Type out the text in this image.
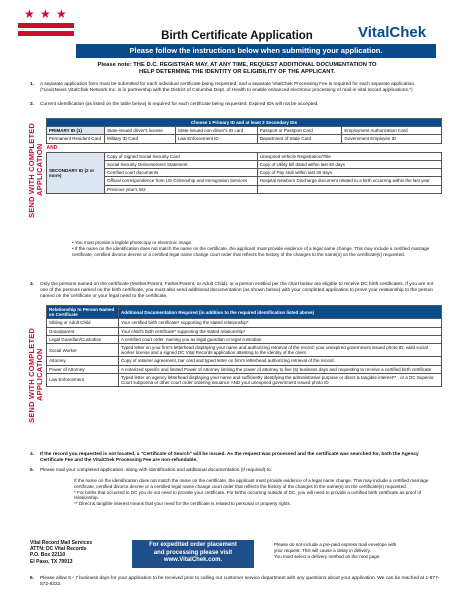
★ ★ ★
Birth Certificate Application	VitalChek
Please follow the instructions below when submitting your application.
Please note: THE D.C. REGISTRAR MAY, AT ANY TIME, REQUEST ADDITIONAL DOCUMENTATION TO
HELP DETERMINE THE IDENTITY OR ELIGIBILITY OF THE APPLICANT.
1. A separate application form must be submitted for each individual certificate being requested, and a separate VitalChek Processing Fee is required for each separate application. (*LexisNexis VitalChek Network Inc. is in partnership with the District of Columbia Dept. of Health to enable enhanced electronic processing of mail-in vital record applications.*)
2. Current identification (as listed on the table below) is required for each certificate being requested. Expired IDs will not be accepted.
SEND WITH COMPLETED APPLICATION
Choose 1 Primary ID and at least 2 Secondary IDs				
PRIMARY ID (1)	State-issued driver's license	State-issued non-driver's ID card	Passport or Passport Card	Employment Authorization Card
Permanent Resident Card	Military ID Card	Law Enforcement ID	Department of State Card	Government Employee ID
AND				
SECONDARY ID (2 or more)	Copy of Signed Social Security Card		Unexpired Vehicle Registration/Title	
	Social Security Disbursement Statement		Copy of Utility bill dated within last 60 days	
	Certified court documents		Copy of Pay stub within last 30 days	
	Official correspondence from US Citizenship and Immigration Services		Hospital Newborn Discharge document related to a birth occurring within the last year	
	Previous year's W2			
• You must provide a legible photocopy or electronic image.
• If the name on the identification does not match the name on the certificate, the applicant must provide evidence of a legal name change. This may include a certified marriage certificate, certified divorce decree or a certified legal name change court order that reflects the history of the changes to the name(s) on the certificate(s) requested.
3. Only the persons named on the certificate (Mother/Parent, Father/Parent, or Adult Child), or a person entitled per the chart below are eligible to receive DC birth certificates. If you are not one of the persons named on the birth certificate, you must also send additional documentation (as shown below) with your completed application to prove your relationship to the person named on the certificate or your legal need to the certificate.
SEND WITH COMPLETED APPLICATION
Relationship to Person Named on Certificate	Additional Documentation Required (in addition to the required identification listed above)
Sibling or Adult Child	Your certified birth certificate* supporting the stated relationship*
Grandparent	Your child's birth certificate* supporting the stated relationship*
Legal Guardian/Custodian	A certified court order, naming you as legal guardian or legal custodian
Social Worker	Typed letter on your firm's letterhead displaying your name and authorizing retrieval of the record; your unexpired government issued photo ID; valid social worker license and a signed DC Vital Records application attesting to the identity of the client.
Attorney	Copy of retainer agreement, bar card and typed letter on firm's letterhead authorizing retrieval of the record.
Power of Attorney	A notarized specific and limited Power of Attorney limiting the power of attorney to five (5) business days and requesting to receive a certified birth certificate
Law Enforcement	Typed letter on agency letterhead displaying your name and sufficiently identifying the administrative purpose or direct & tangible interest** , or a DC Superior Court subpoena or other court order ordering issuance AND your unexpired government issued photo ID
4. If the record you requested is not located, a "Certificate of Search" will be issued. As the request was processed and the certificate was searched for, both the Agency Certificate Fee and the VitalChek Processing Fee are non-refundable.
5. Please mail your completed application, along with identification and additional documentation (if required) to:
If the name on the identification does not match the name on the certificate, the applicant must provide evidence of a legal name change. This may include a certified marriage certificate, certified divorce decree or a certified legal name change court order that reflects the history of the changes to the name(s) on the certificate(s) requested.
* For births that occurred in DC you do not need to provide your certificate. For births occurring outside of DC, you will need to provide a certified birth certificate as proof of relationship.
** Direct & tangible interest means that your need for the certificate is related to personal or property rights.
Vital Record Mail Services
ATTN: DC Vital Records
P.O. Box 22110
El Paso, TX 79913
For expedited order placement
and processing please visit
www.VitalChek.com.
Please do not include a pre-paid express mail envelope with
your request. This will cause a delay in delivery.
You must select a delivery method on the next page.
6. Please allow 5 - 7 business days for your application to be received prior to calling our customer service department with any questions about your application. We can be reached at 1-877-572-6332.
